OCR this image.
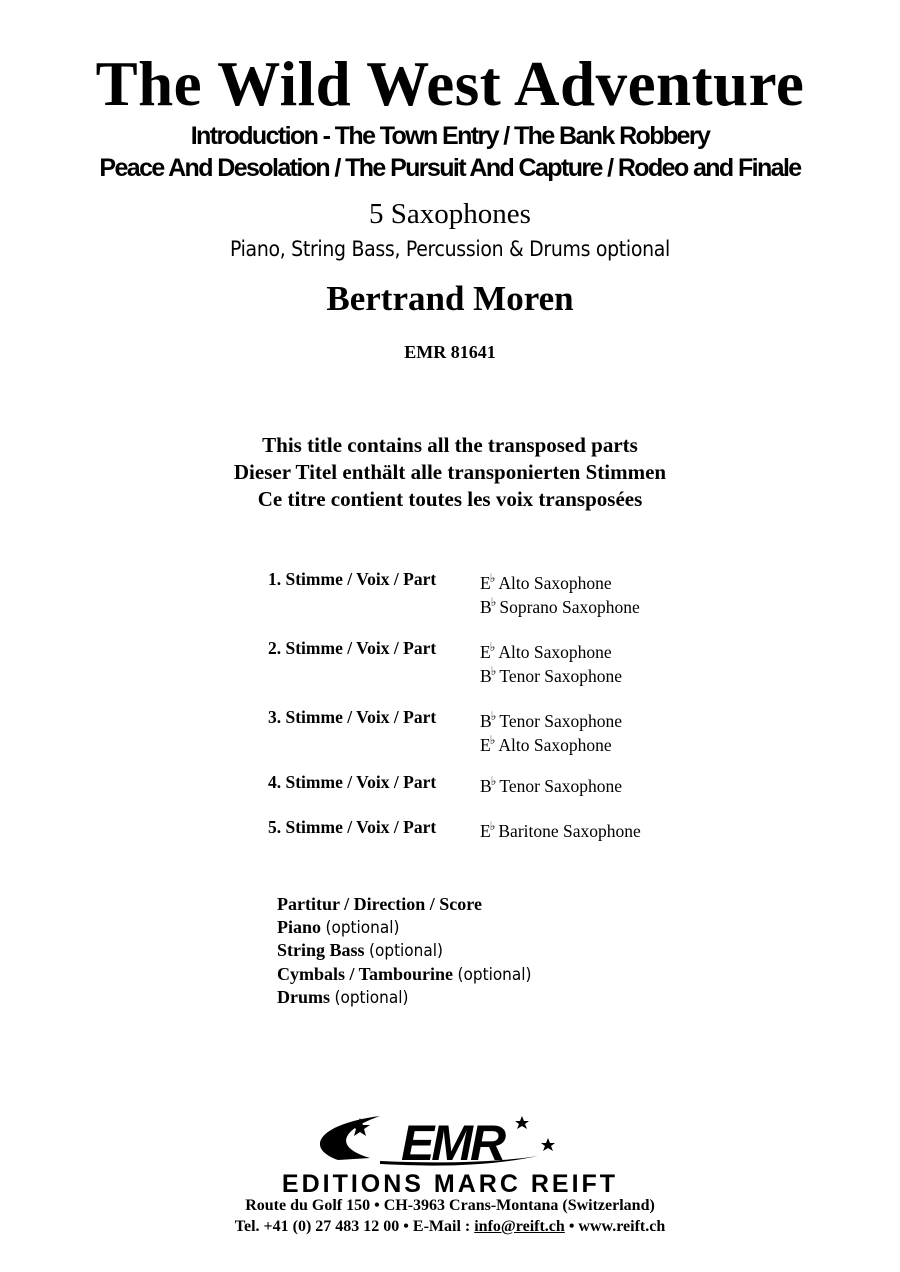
The Wild West Adventure
Introduction - The Town Entry / The Bank Robbery
Peace And Desolation / The Pursuit And Capture / Rodeo and Finale
5 Saxophones
Piano, String Bass, Percussion & Drums optional
Bertrand Moren
EMR 81641
This title contains all the transposed parts
Dieser Titel enthält alle transponierten Stimmen
Ce titre contient toutes les voix transposées
1. Stimme / Voix / Part	E♭ Alto Saxophone
B♭ Soprano Saxophone
2. Stimme / Voix / Part	E♭ Alto Saxophone
B♭ Tenor Saxophone
3. Stimme / Voix / Part	B♭ Tenor Saxophone
E♭ Alto Saxophone
4. Stimme / Voix / Part	B♭ Tenor Saxophone
5. Stimme / Voix / Part	E♭ Baritone Saxophone
Partitur / Direction / Score
Piano (optional)
String Bass (optional)
Cymbals / Tambourine (optional)
Drums (optional)
EMR
EDITIONS MARC REIFT
Route du Golf 150 • CH-3963 Crans-Montana (Switzerland)
Tel. +41 (0) 27 483 12 00 • E-Mail : info@reift.ch • www.reift.ch
